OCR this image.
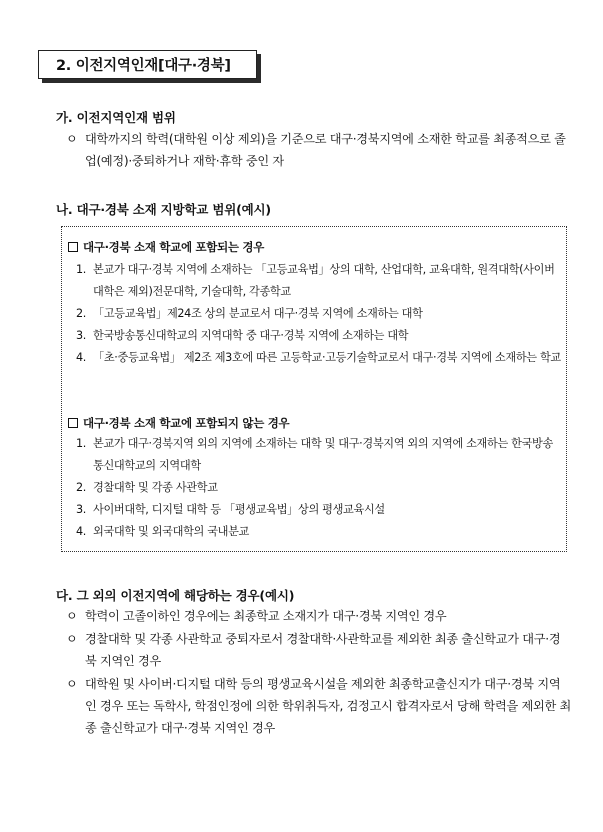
2. 이전지역인재[대구·경북]
가. 이전지역인재 범위
ㅇ 대학까지의 학력(대학원 이상 제외)을 기준으로 대구·경북지역에 소재한 학교를 최종적으로 졸업(예정)·중퇴하거나 재학·휴학 중인 자
나. 대구·경북 소재 지방학교 범위(예시)
대구·경북 소재 학교에 포함되는 경우
1. 본교가 대구·경북 지역에 소재하는 「고등교육법」상의 대학, 산업대학, 교육대학, 원격대학(사이버대학은 제외)전문대학, 기술대학, 각종학교
2. 「고등교육법」제24조 상의 분교로서 대구·경북 지역에 소재하는 대학
3. 한국방송통신대학교의 지역대학 중 대구·경북 지역에 소재하는 대학
4. 「초·중등교육법」 제2조 제3호에 따른 고등학교·고등기술학교로서 대구·경북 지역에 소재하는 학교
대구·경북 소재 학교에 포함되지 않는 경우
1. 본교가 대구·경북지역 외의 지역에 소재하는 대학 및 대구·경북지역 외의 지역에 소재하는 한국방송통신대학교의 지역대학
2. 경찰대학 및 각종 사관학교
3. 사이버대학, 디지털 대학 등 「평생교육법」상의 평생교육시설
4. 외국대학 및 외국대학의 국내분교
다. 그 외의 이전지역에 해당하는 경우(예시)
ㅇ 학력이 고졸이하인 경우에는 최종학교 소재지가 대구·경북 지역인 경우
ㅇ 경찰대학 및 각종 사관학교 중퇴자로서 경찰대학·사관학교를 제외한 최종 출신학교가 대구·경북 지역인 경우
ㅇ 대학원 및 사이버·디지털 대학 등의 평생교육시설을 제외한 최종학교출신지가 대구·경북 지역인 경우 또는 독학사, 학점인정에 의한 학위취득자, 검정고시 합격자로서 당해 학력을 제외한 최종 출신학교가 대구·경북 지역인 경우
